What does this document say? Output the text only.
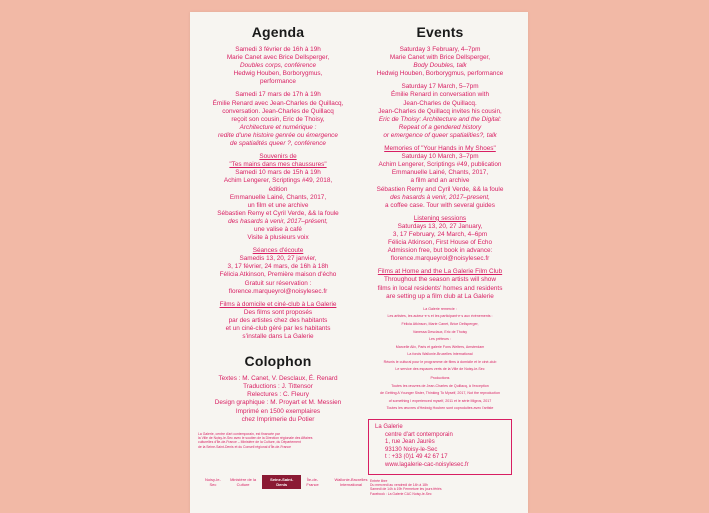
Agenda

Samedi 3 février de 16h à 19h

Marie Canet avec Brice Dellsperger,

Doubles corps, conférence

Hedwig Houben, Borborygmus,

performance

Samedi 17 mars de 17h à 19h

Émilie Renard avec Jean-Charles de Quillacq,

conversation. Jean-Charles de Quillacq

reçoit son cousin, Eric de Thoisy,

Architecture et numérique :

redite d'une histoire genrée ou émergence

de spatialités queer ?, conférence

Souvenirs de

"Tes mains dans mes chaussures"

Samedi 10 mars de 15h à 19h

Achim Lengerer, Scriptings #49, 2018,

édition

Emmanuelle Lainé, Chants, 2017,

un film et une archive

Sébastien Remy et Cyril Verde, && la foule

des hasards à venir, 2017–présent,

une valise à café

Visite à plusieurs voix

Séances d'écoute

Samedis 13, 20, 27 janvier,

3, 17 février, 24 mars, de 16h à 18h

Félicia Atkinson, Première maison d'écho

Gratuit sur réservation :

florence.marqueyrol@noisylesec.fr

Films à domicile et ciné-club à La Galerie

Des films sont proposés

par des artistes chez des habitants

et un ciné-club géré par les habitants

s'installe dans La Galerie

Colophon

Textes : M. Canet, V. Desclaux, É. Renard

Traductions : J. Tittensor

Relectures : C. Fleury

Design graphique : M. Proyart et M. Messien

Imprimé en 1500 exemplaires

chez Imprimerie du Potier

La Galerie, centre d'art contemporain, est financée par

la Ville de Noisy-le-Sec avec le soutien de la Direction régionale des Affaires

culturelles d'Île-de-France – Ministère de la Culture, du Département

de la Seine-Saint-Denis et du Conseil régional d'Île-de-France

Events

Saturday 3 February, 4–7pm

Marie Canet with Brice Dellsperger,

Body Doubles, talk

Hedwig Houben, Borborygmus, performance

Saturday 17 March, 5–7pm

Émilie Renard in conversation with

Jean-Charles de Quillacq.

Jean-Charles de Quillacq invites his cousin,

Eric de Thoisy: Architecture and the Digital:

Repeat of a gendered history

or emergence of queer spatialities?, talk

Memories of "Your Hands in My Shoes"

Saturday 10 March, 3–7pm

Achim Lengerer, Scriptings #49, publication

Emmanuelle Lainé, Chants, 2017,

a film and an archive

Sébastien Remy and Cyril Verde, && la foule

des hasards à venir, 2017–present,

a coffee case. Tour with several guides

Listening sessions

Saturdays 13, 20, 27 January,

3, 17 February, 24 March, 4–6pm

Félicia Atkinson, First House of Echo

Admission free, but book in advance:

florence.marqueyrol@noisylesec.fr

Films at Home and the La Galerie Film Club

Throughout the season artists will show

films in local residents' homes and residents

are setting up a film club at La Galerie

La Galerie remercie :

Les artistes, les auteur·e·s et les participant·e·s aux évènements :

Félicia Atkinson, Marie Canet, Brice Dellsperger,

Vanessa Desclaux, Eric de Thoisy

Les prêteurs :

Marcelle Alix, Paris et galerie Fons Welters, Amsterdam

La fonds Wallonie-Bruxelles International

Réunis le cultural pour le programme de films à domicile et le ciné-club

Le service des espaces verts de la Ville de Noisy-le-Sec

Productions

Toutes les œuvres de Jean-Charles de Quillacq, à l'exception

de Getting A Younger Sister, Thinking To Myself, 2017, Not the reproduction

of something I experienced myself, 2011 et le série Migros, 2017

Toutes les œuvres d'Hedwig Houben sont coproduites avec l'artiste

La Galerie
centre d'art contemporain
1, rue Jean Jaurès
93130 Noisy-le-Sec
t : +33 (0)1 49 42 67 17
www.lagalerie-cac-noisylesec.fr
Entrée libre
Du mercredi au vendredi de 14h à 18h
Samedi de 14h à 19h Fermeture les jours fériés
Facebook : La Galerie CAC Noisy-le-Sec
Noisy-le-Sec
Ministère de la Culture
Seine-Saint-Denis
Île-de-France
Wallonie-Bruxelles International
